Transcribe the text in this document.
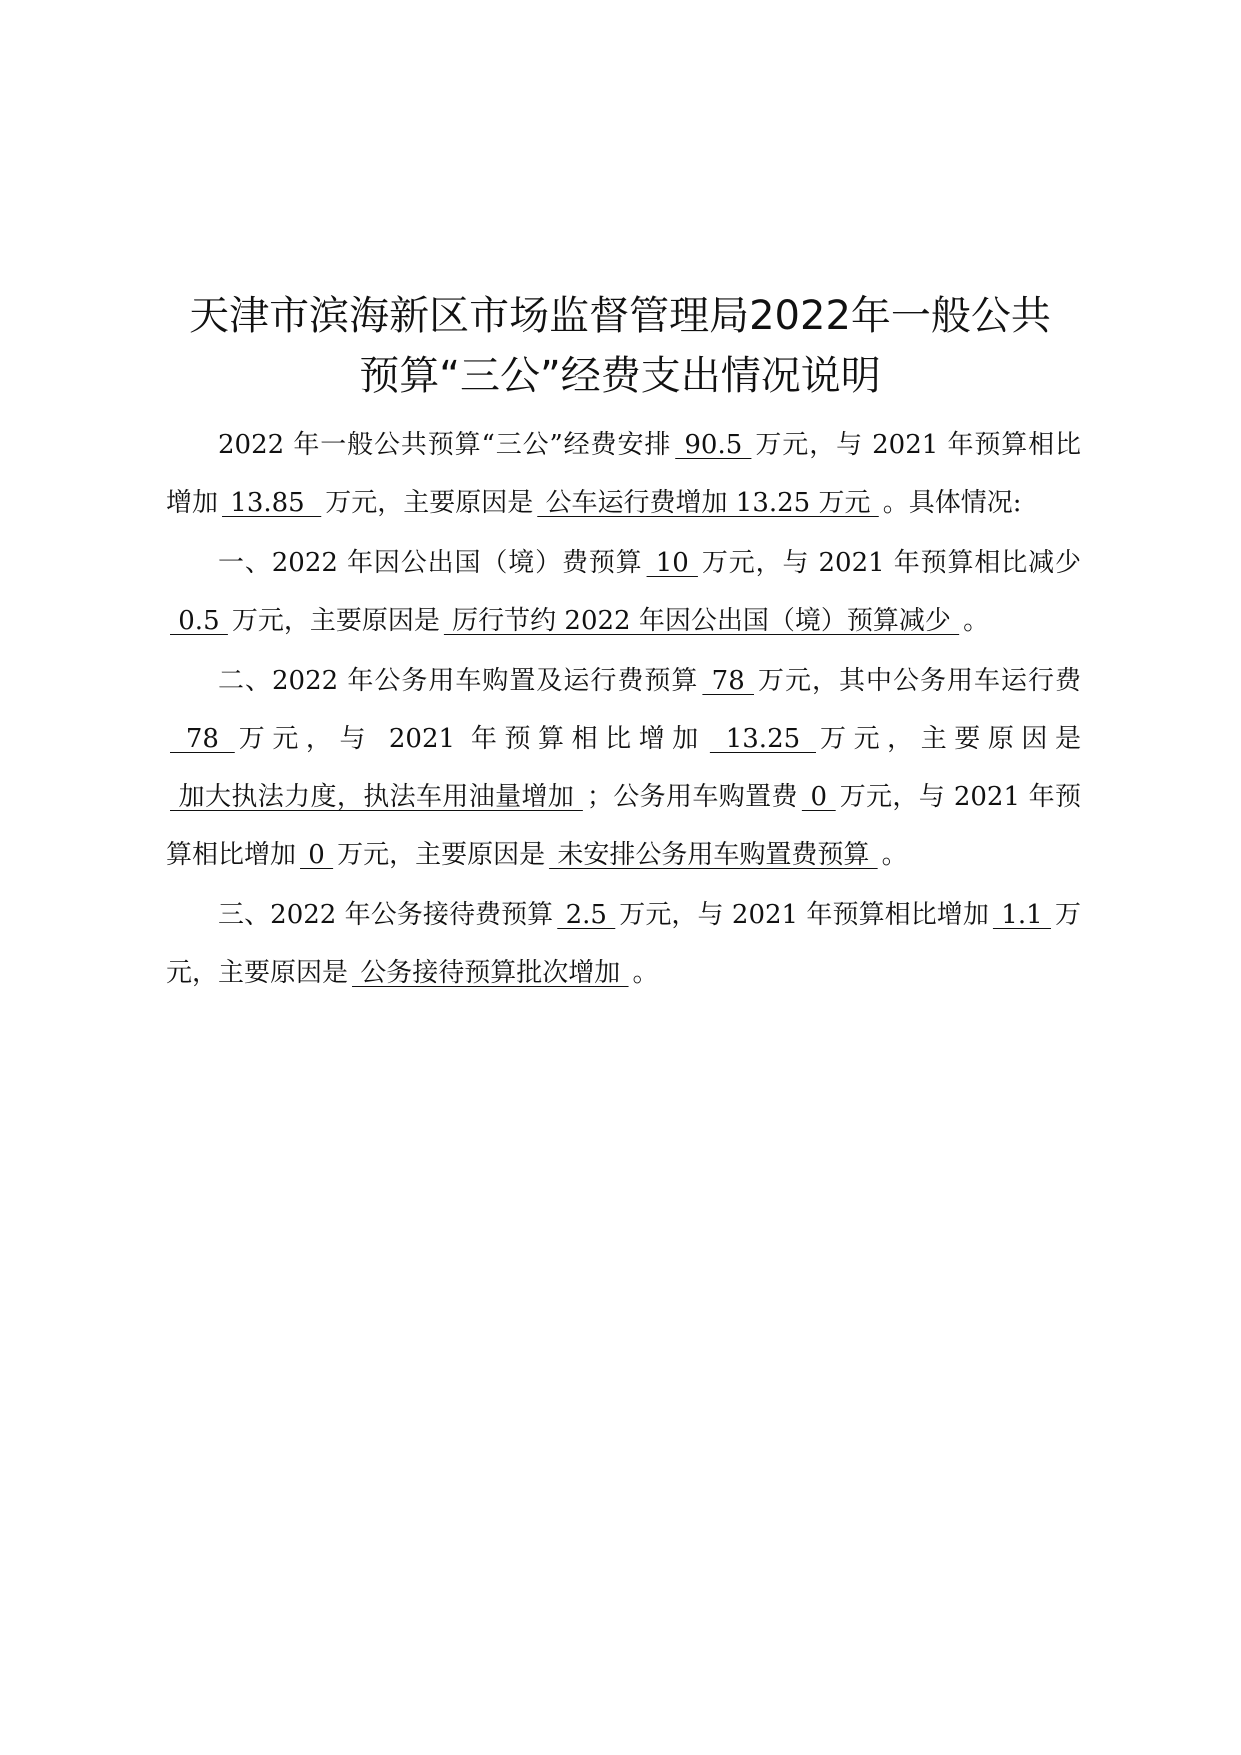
天津市滨海新区市场监督管理局2022年一般公共
预算“三公”经费支出情况说明

2022 年一般公共预算“三公”经费安排 90.5 万元，与 2021 年预算相比增加 13.85  万元，主要原因是 公车运行费增加 13.25 万元 。具体情况:

一、2022 年因公出国（境）费预算 10 万元，与 2021 年预算相比减少 0.5 万元，主要原因是 厉行节约 2022 年因公出国（境）预算减少 。

二、2022 年公务用车购置及运行费预算 78 万元，其中公务用车运行费 78 万元，与 2021 年预算相比增加 13.25 万元，主要原因是 加大执法力度，执法车用油量增加 ；公务用车购置费 0 万元，与 2021 年预算相比增加 0 万元，主要原因是 未安排公务用车购置费预算 。

三、2022 年公务接待费预算 2.5 万元，与 2021 年预算相比增加 1.1 万元，主要原因是 公务接待预算批次增加 。
